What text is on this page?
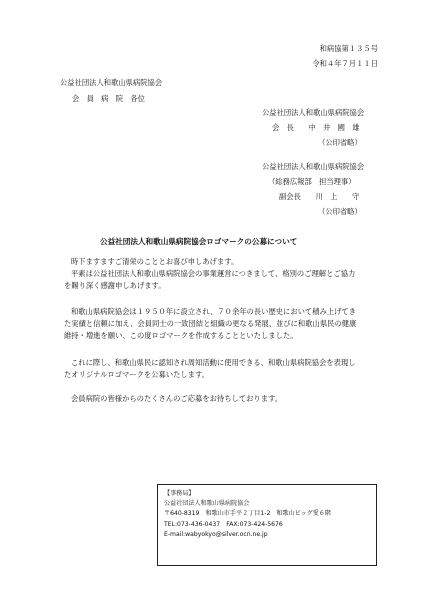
和病協第１３５号
令和４年７月１１日
公益社団法人和歌山県病院協会
会　員　病　院　各位
公益社団法人和歌山県病院協会
会　長　　中　井　國　雄
（公印省略）
公益社団法人和歌山県病院協会
（総務広報部　担当理事）
副会長　　川　上　　守
（公印省略）
公益社団法人和歌山県病院協会ロゴマークの公募について

時下ますますご清栄のこととお喜び申しあげます。

平素は公益社団法人和歌山県病院協会の事業運営につきまして、格別のご理解とご協力

を賜り深く感謝申しあげます。

和歌山県病院協会は１９５０年に設立され、７０余年の長い歴史において積み上げてき

た実績と信頼に加え、会員同士の一致団結と組織の更なる発展、並びに和歌山県民の健康

維持・増進を願い、この度ロゴマークを作成することといたしました。

これに際し、和歌山県民に認知され周知活動に使用できる、和歌山県病院協会を表現し

たオリジナルロゴマークを公募いたします。

会員病院の皆様からのたくさんのご応募をお待ちしております。

【事務局】
公益社団法人和歌山県病院協会
〒640-8319　和歌山市手平２丁目1-2　和歌山ビッグ愛６階
TEL:073-436-0437　FAX:073-424-5676
E-mail:wabyokyo@silver.ocn.ne.jp
